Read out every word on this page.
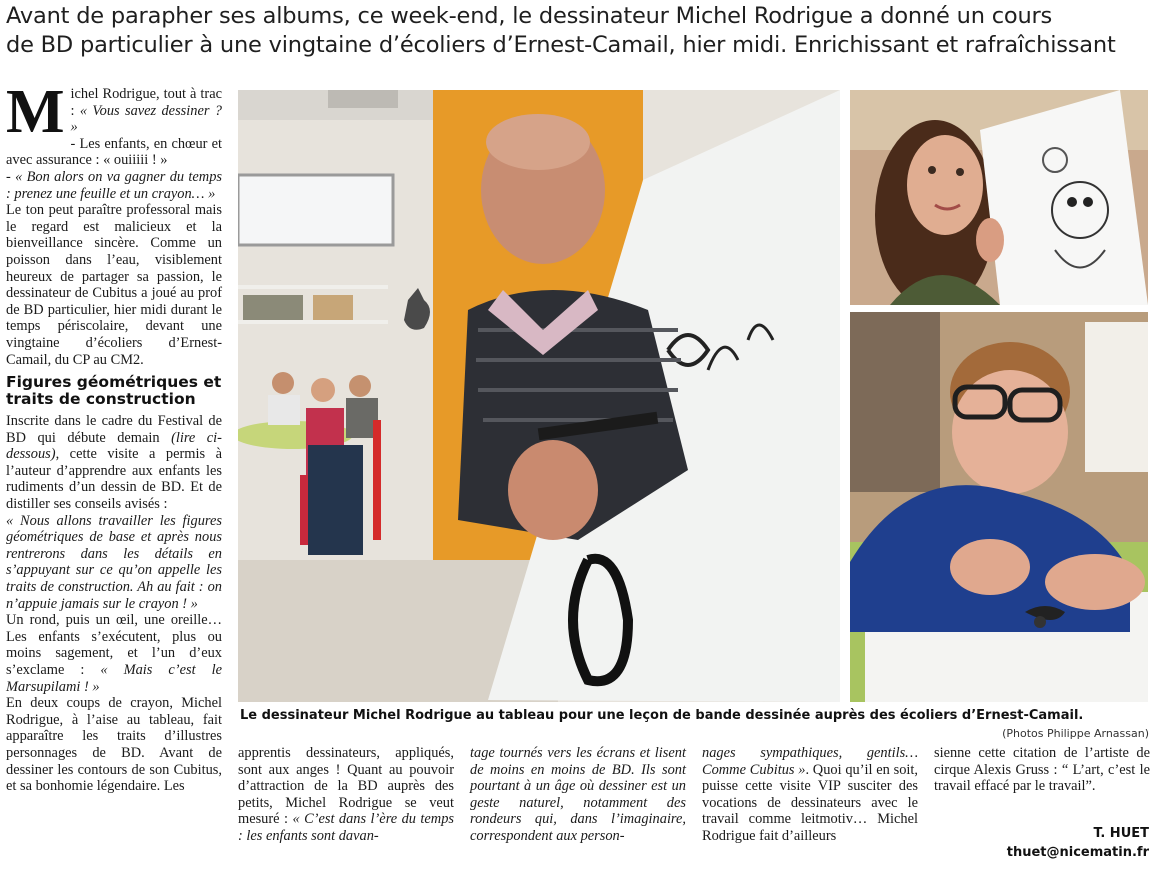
Avant de parapher ses albums, ce week-end, le dessinateur Michel Rodrigue a donné un cours
de BD particulier à une vingtaine d’écoliers d’Ernest-Camail, hier midi. Enrichissant et rafraîchissant
M ichel Rodrigue, tout à trac : « Vous savez dessiner ? »

- Les enfants, en chœur et avec assurance : « ouiiiii ! »

- « Bon alors on va gagner du temps : prenez une feuille et un crayon… »

Le ton peut paraître professoral mais le regard est malicieux et la bienveillance sincère. Comme un poisson dans l’eau, visiblement heureux de partager sa passion, le dessinateur de Cubitus a joué au prof de BD particulier, hier midi durant le temps périscolaire, devant une vingtaine d’écoliers d’Ernest-Camail, du CP au CM2.

Figures géométriques et traits de construction

Inscrite dans le cadre du Festival de BD qui débute demain (lire ci-dessous), cette visite a permis à l’auteur d’apprendre aux enfants les rudiments d’un dessin de BD. Et de distiller ses conseils avisés :

« Nous allons travailler les figures géométriques de base et après nous rentrerons dans les détails en s’appuyant sur ce qu’on appelle les traits de construction. Ah au fait : on n’appuie jamais sur le crayon ! »

Un rond, puis un œil, une oreille… Les enfants s’exécutent, plus ou moins sagement, et l’un d’eux s’exclame : « Mais c’est le Marsupilami ! »

En deux coups de crayon, Michel Rodrigue, à l’aise au tableau, fait apparaître les traits d’illustres personnages de BD. Avant de dessiner les contours de son Cubitus, et sa bonhomie légendaire. Les

Le dessinateur Michel Rodrigue au tableau pour une leçon de bande dessinée auprès des écoliers d’Ernest-Camail.
(Photos Philippe Arnassan)

apprentis dessinateurs, appliqués, sont aux anges ! Quant au pouvoir d’attraction de la BD auprès des petits, Michel Rodrigue se veut mesuré : « C’est dans l’ère du temps : les enfants sont davan-

tage tournés vers les écrans et lisent de moins en moins de BD. Ils sont pourtant à un âge où dessiner est un geste naturel, notamment des rondeurs qui, dans l’imaginaire, correspondent aux person-

nages sympathiques, gentils… Comme Cubitus ». Quoi qu’il en soit, puisse cette visite VIP susciter des vocations de dessinateurs avec le travail comme leitmotiv… Michel Rodrigue fait d’ailleurs

sienne cette citation de l’artiste de cirque Alexis Gruss : “ L’art, c’est le travail effacé par le travail”.

T. HUET
thuet@nicematin.fr
